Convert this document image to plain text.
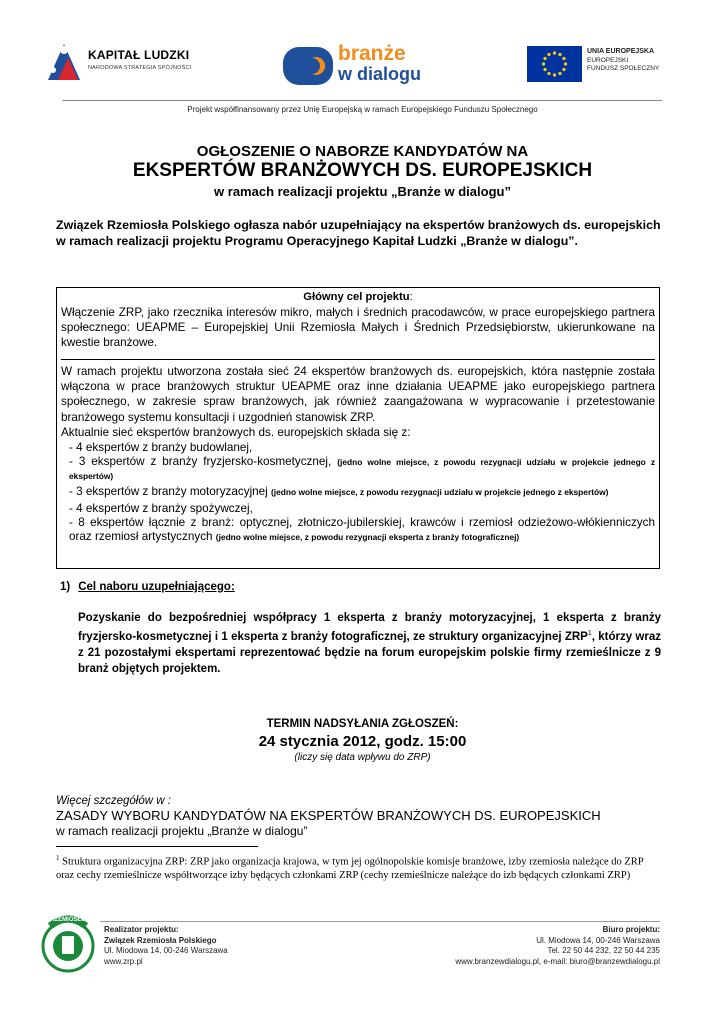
KAPITAŁ LUDZKI
NARODOWA STRATEGIA SPÓJNOŚCI
branże
w dialogu
UNIA EUROPEJSKA
EUROPEJSKI
FUNDUSZ SPOŁECZNY
Projekt współfinansowany przez Unię Europejską w ramach Europejskiego Funduszu Społecznego
OGŁOSZENIE O NABORZE KANDYDATÓW NA
EKSPERTÓW BRANŻOWYCH DS. EUROPEJSKICH
w ramach realizacji projektu „Branże w dialogu”
Związek Rzemiosła Polskiego ogłasza nabór uzupełniający na ekspertów branżowych ds. europejskich w ramach realizacji projektu Programu Operacyjnego Kapitał Ludzki „Branże w dialogu”.
Główny cel projektu:
Włączenie ZRP, jako rzecznika interesów mikro, małych i średnich pracodawców, w prace europejskiego partnera społecznego: UEAPME – Europejskiej Unii Rzemiosła Małych i Średnich Przedsiębiorstw, ukierunkowane na kwestie branżowe.
W ramach projektu utworzona została sieć 24 ekspertów branżowych ds. europejskich, która następnie została włączona w prace branżowych struktur UEAPME oraz inne działania UEAPME jako europejskiego partnera społecznego, w zakresie spraw branżowych, jak również zaangażowana w wypracowanie i przetestowanie branżowego systemu konsultacji i uzgodnień stanowisk ZRP.
Aktualnie sieć ekspertów branżowych ds. europejskich składa się z:

- 4 ekspertów z branży budowlanej,
- 3 ekspertów z branży fryzjersko-kosmetycznej, (jedno wolne miejsce, z powodu rezygnacji udziału w projekcie jednego z ekspertów)
- 3 ekspertów z branży motoryzacyjnej (jedno wolne miejsce, z powodu rezygnacji udziału w projekcie jednego z ekspertów)
- 4 ekspertów z branży spożywczej,
- 8 ekspertów łącznie z branż: optycznej, złotniczo-jubilerskiej, krawców i rzemiosł odzieżowo-włókienniczych oraz rzemiosł artystycznych (jedno wolne miejsce, z powodu rezygnacji eksperta z branży fotograficznej)
1) Cel naboru uzupełniającego:
Pozyskanie do bezpośredniej współpracy 1 eksperta z branży motoryzacyjnej, 1 eksperta z branży fryzjersko-kosmetycznej i 1 eksperta z branży fotograficznej, ze struktury organizacyjnej ZRP$^1$, którzy wraz z 21 pozostałymi ekspertami reprezentować będzie na forum europejskim polskie firmy rzemieślnicze z 9 branż objętych projektem.
TERMIN NADSYŁANIA ZGŁOSZEŃ:
24 stycznia 2012, godz. 15:00
(liczy się data wpływu do ZRP)
Więcej szczegółów w :
ZASADY WYBORU KANDYDATÓW NA EKSPERTÓW BRANŻOWYCH DS. EUROPEJSKICH
w ramach realizacji projektu „Branże w dialogu”
$^1$ Struktura organizacyjna ZRP: ZRP jako organizacja krajowa, w tym jej ogólnopolskie komisje branżowe, izby rzemiosła należące do ZRP oraz cechy rzemieślnicze współtworzące izby będących członkami ZRP (cechy rzemieślnicze należące do izb będących członkami ZRP)
RZEMIOSŁO
Realizator projektu:
Związek Rzemiosła Polskiego
Ul. Miodowa 14, 00-246 Warszawa
www.zrp.pl
Biuro projektu:
Ul. Miodowa 14, 00-246 Warszawa
Tel. 22 50 44 232, 22 50 44 235
www.branzewdialogu.pl, e-mail: biuro@branzewdialogu.pl
